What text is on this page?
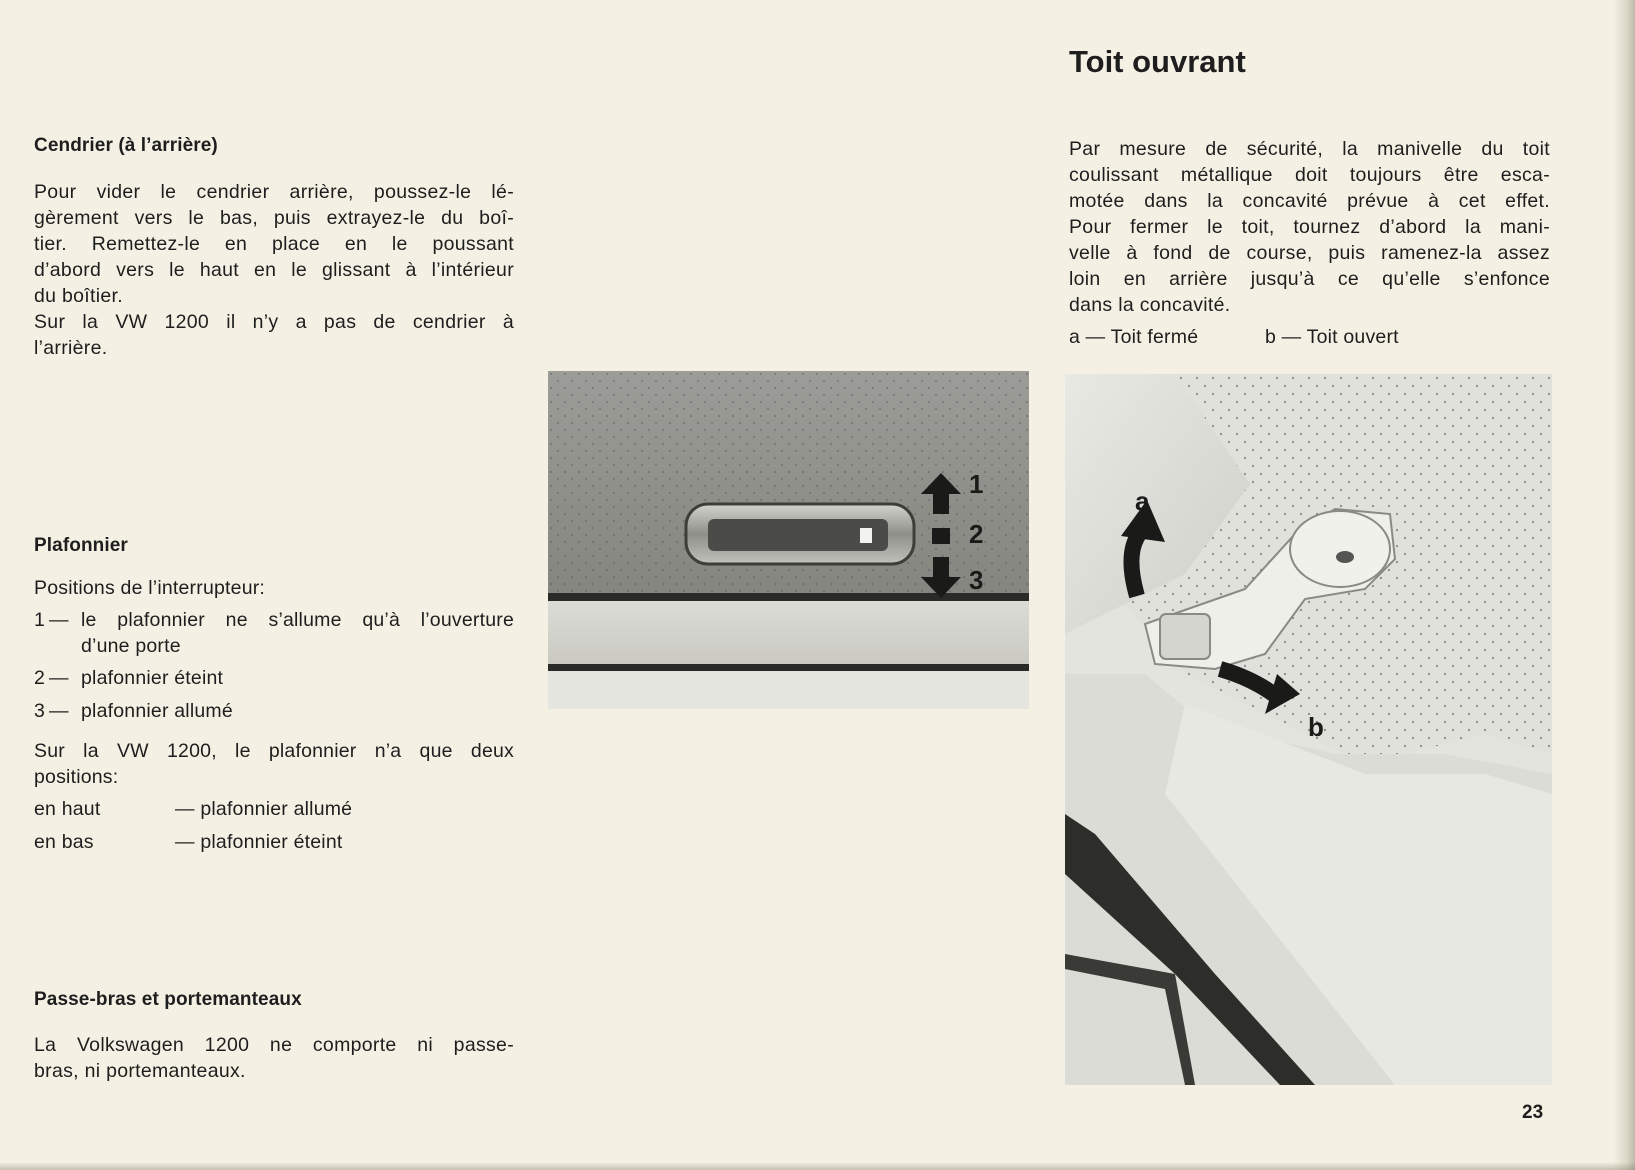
Cendrier (à l’arrière)
Pour vider le cendrier arrière, poussez-le lé-
gèrement vers le bas, puis extrayez-le du boî-
tier. Remettez-le en place en le poussant
d’abord vers le haut en le glissant à l’intérieur
du boîtier.
Sur la VW 1200 il n’y a pas de cendrier à
l’arrière.
Plafonnier
Positions de l’interrupteur:
1 — le plafonnier ne s’allume qu’à l’ouverture
d’une porte
2 — plafonnier éteint
3 — plafonnier allumé
Sur la VW 1200, le plafonnier n’a que deux
positions:
en haut	— plafonnier allumé
en bas	— plafonnier éteint
Passe-bras et portemanteaux
La Volkswagen 1200 ne comporte ni passe-
bras, ni portemanteaux.
1
2
3
Toit ouvrant
Par mesure de sécurité, la manivelle du toit
coulissant métallique doit toujours être esca-
motée dans la concavité prévue à cet effet.
Pour fermer le toit, tournez d’abord la mani-
velle à fond de course, puis ramenez-la assez
loin en arrière jusqu’à ce qu’elle s’enfonce
dans la concavité.
a — Toit fermé	b — Toit ouvert
a
b
23
